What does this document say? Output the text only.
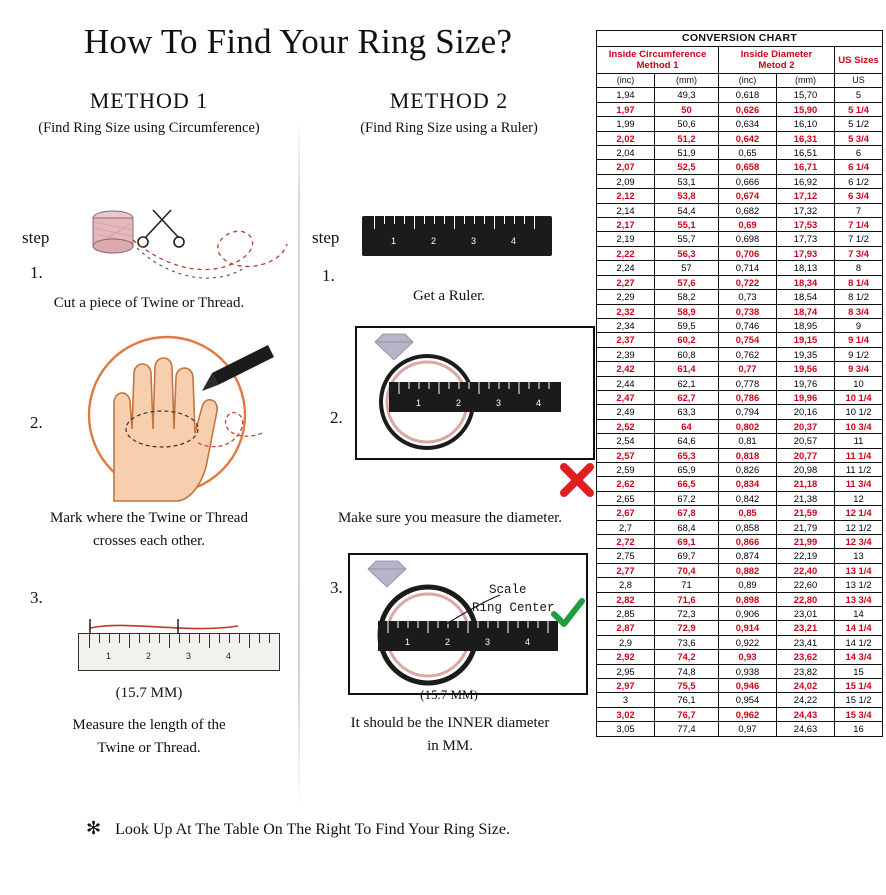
How To Find Your Ring Size?
METHOD 1
(Find Ring Size using Circumference)
step
1.
2.
3.
Cut a piece of Twine or Thread.
Mark where the Twine or Thread
crosses each other.
1	2	3	4
(15.7 MM)
Measure the length of the
Twine or Thread.
METHOD 2
(Find Ring Size using a Ruler)
step
1.
2.
3.
1	2	3	4
Get a Ruler.
1	2	3	4
Make sure you measure the diameter.
1	2	3	4
Scale
Ring Center
(15.7 MM)
It should be the INNER diameter
in MM.
✻ Look Up At The Table On The Right To Find Your Ring Size.
CONVERSION CHART				

Inside Circumference
Method 1

Inside Diameter
Metod 2	US Sizes
(inc)	(mm)	(inc)	(mm)	US
1,94	49,3	0,618	15,70	5
1,97	50	0,626	15,90	5 1/4
1,99	50,6	0,634	16,10	5 1/2
2,02	51,2	0,642	16,31	5 3/4
2,04	51,9	0,65	16,51	6
2,07	52,5	0,658	16,71	6 1/4
2,09	53,1	0,666	16,92	6 1/2
2,12	53,8	0,674	17,12	6 3/4
2,14	54,4	0,682	17,32	7
2,17	55,1	0,69	17,53	7 1/4
2,19	55,7	0,698	17,73	7 1/2
2,22	56,3	0,706	17,93	7 3/4
2,24	57	0,714	18,13	8
2,27	57,6	0,722	18,34	8 1/4
2,29	58,2	0,73	18,54	8 1/2
2,32	58,9	0,738	18,74	8 3/4
2,34	59,5	0,746	18,95	9
2,37	60,2	0,754	19,15	9 1/4
2,39	60,8	0,762	19,35	9 1/2
2,42	61,4	0,77	19,56	9 3/4
2,44	62,1	0,778	19,76	10
2,47	62,7	0,786	19,96	10 1/4
2,49	63,3	0,794	20,16	10 1/2
2,52	64	0,802	20,37	10 3/4
2,54	64,6	0,81	20,57	11
2,57	65,3	0,818	20,77	11 1/4
2,59	65,9	0,826	20,98	11 1/2
2,62	66,5	0,834	21,18	11 3/4
2,65	67,2	0,842	21,38	12
2,67	67,8	0,85	21,59	12 1/4
2,7	68,4	0,858	21,79	12 1/2
2,72	69,1	0,866	21,99	12 3/4
2,75	69,7	0,874	22,19	13
2,77	70,4	0,882	22,40	13 1/4
2,8	71	0,89	22,60	13 1/2
2,82	71,6	0,898	22,80	13 3/4
2,85	72,3	0,906	23,01	14
2,87	72,9	0,914	23,21	14 1/4
2,9	73,6	0,922	23,41	14 1/2
2,92	74,2	0,93	23,62	14 3/4
2,95	74,8	0,938	23,82	15
2,97	75,5	0,946	24,02	15 1/4
3	76,1	0,954	24,22	15 1/2
3,02	76,7	0,962	24,43	15 3/4
3,05	77,4	0,97	24,63	16
